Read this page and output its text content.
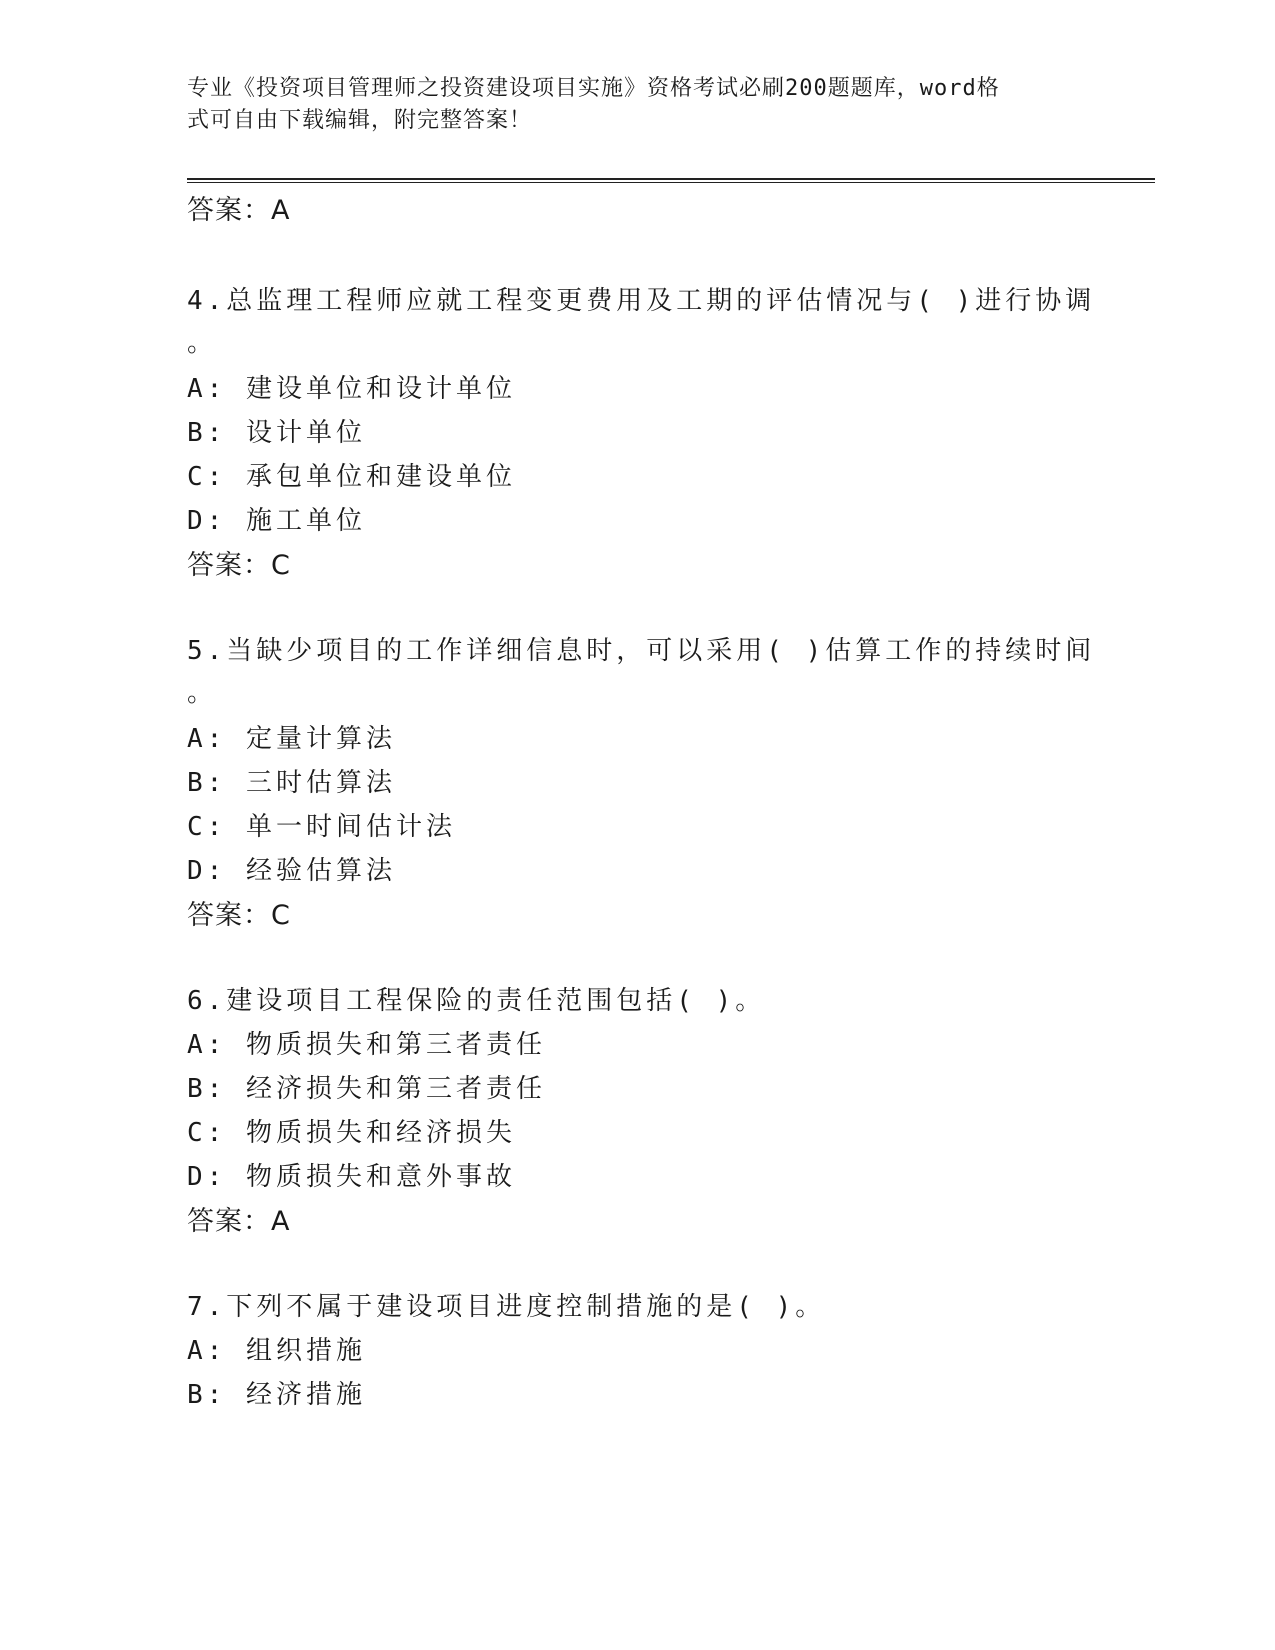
专业《投资项目管理师之投资建设项目实施》资格考试必刷200题题库，word格
式可自由下载编辑，附完整答案！
答案：A
4.总监理工程师应就工程变更费用及工期的评估情况与( )进行协调
。
A: 建设单位和设计单位
B: 设计单位
C: 承包单位和建设单位
D: 施工单位
答案：C
5.当缺少项目的工作详细信息时，可以采用( )估算工作的持续时间
。
A: 定量计算法
B: 三时估算法
C: 单一时间估计法
D: 经验估算法
答案：C
6.建设项目工程保险的责任范围包括( )。
A: 物质损失和第三者责任
B: 经济损失和第三者责任
C: 物质损失和经济损失
D: 物质损失和意外事故
答案：A
7.下列不属于建设项目进度控制措施的是( )。
A: 组织措施
B: 经济措施
